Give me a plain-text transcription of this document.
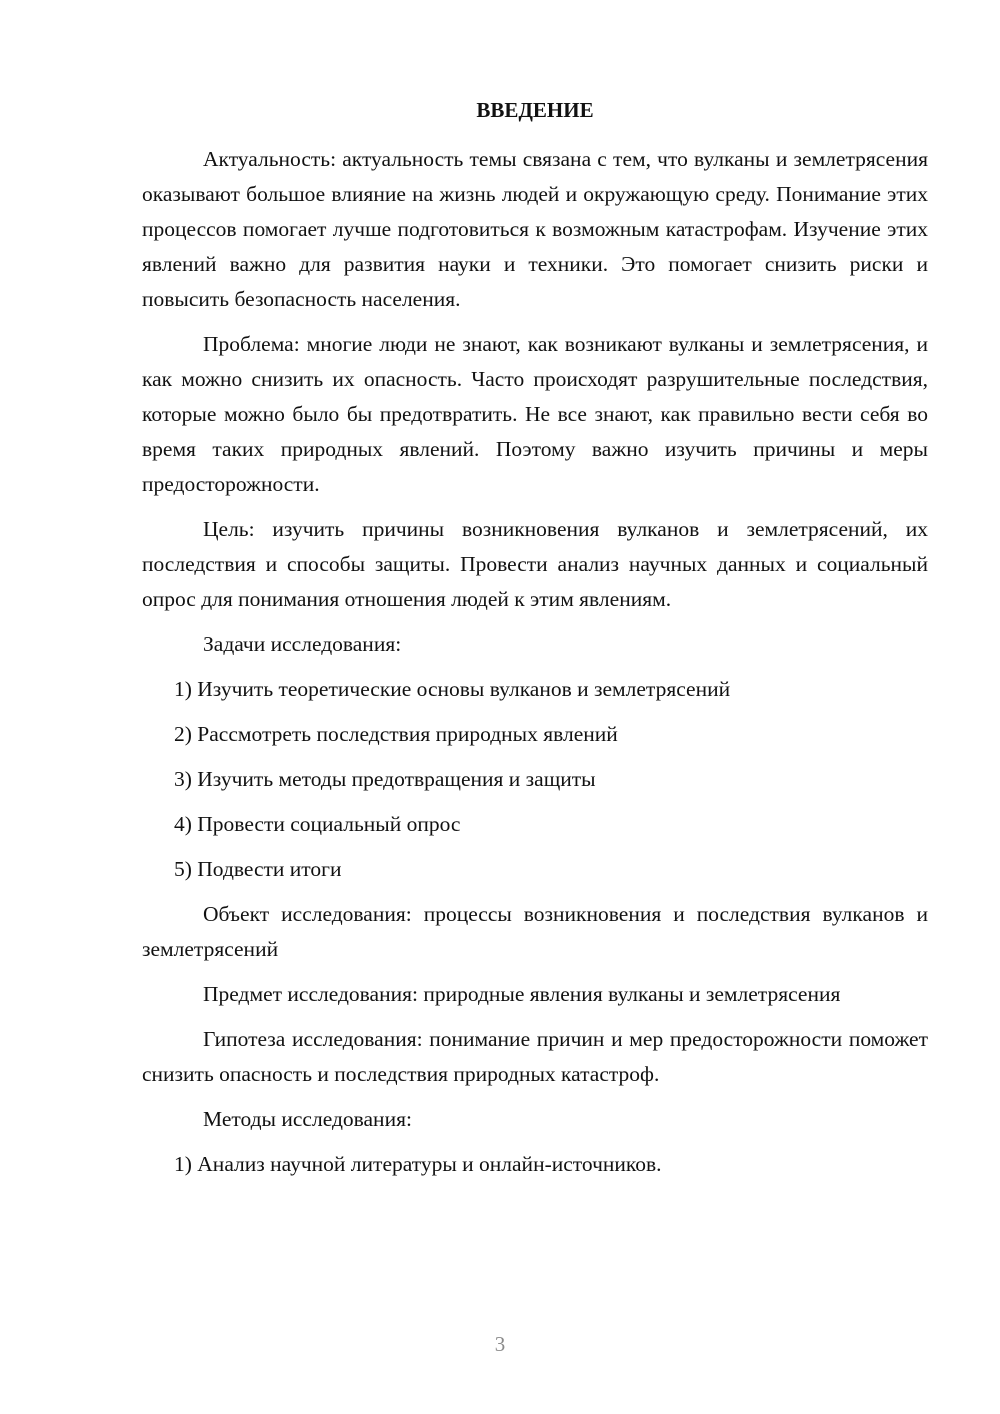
ВВЕДЕНИЕ

Актуальность: актуальность темы связана с тем, что вулканы и землетрясения оказывают большое влияние на жизнь людей и окружающую среду. Понимание этих процессов помогает лучше подготовиться к возможным катастрофам. Изучение этих явлений важно для развития науки и техники. Это помогает снизить риски и повысить безопасность населения.

Проблема: многие люди не знают, как возникают вулканы и землетрясения, и как можно снизить их опасность. Часто происходят разрушительные последствия, которые можно было бы предотвратить. Не все знают, как правильно вести себя во время таких природных явлений. Поэтому важно изучить причины и меры предосторожности.

Цель: изучить причины возникновения вулканов и землетрясений, их последствия и способы защиты. Провести анализ научных данных и социальный опрос для понимания отношения людей к этим явлениям.

Задачи исследования:

1) Изучить теоретические основы вулканов и землетрясений
2) Рассмотреть последствия природных явлений
3) Изучить методы предотвращения и защиты
4) Провести социальный опрос
5) Подвести итоги

Объект исследования: процессы возникновения и последствия вулканов и землетрясений

Предмет исследования: природные явления вулканы и землетрясения

Гипотеза исследования: понимание причин и мер предосторожности поможет снизить опасность и последствия природных катастроф.

Методы исследования:

1) Анализ научной литературы и онлайн-источников.
3
